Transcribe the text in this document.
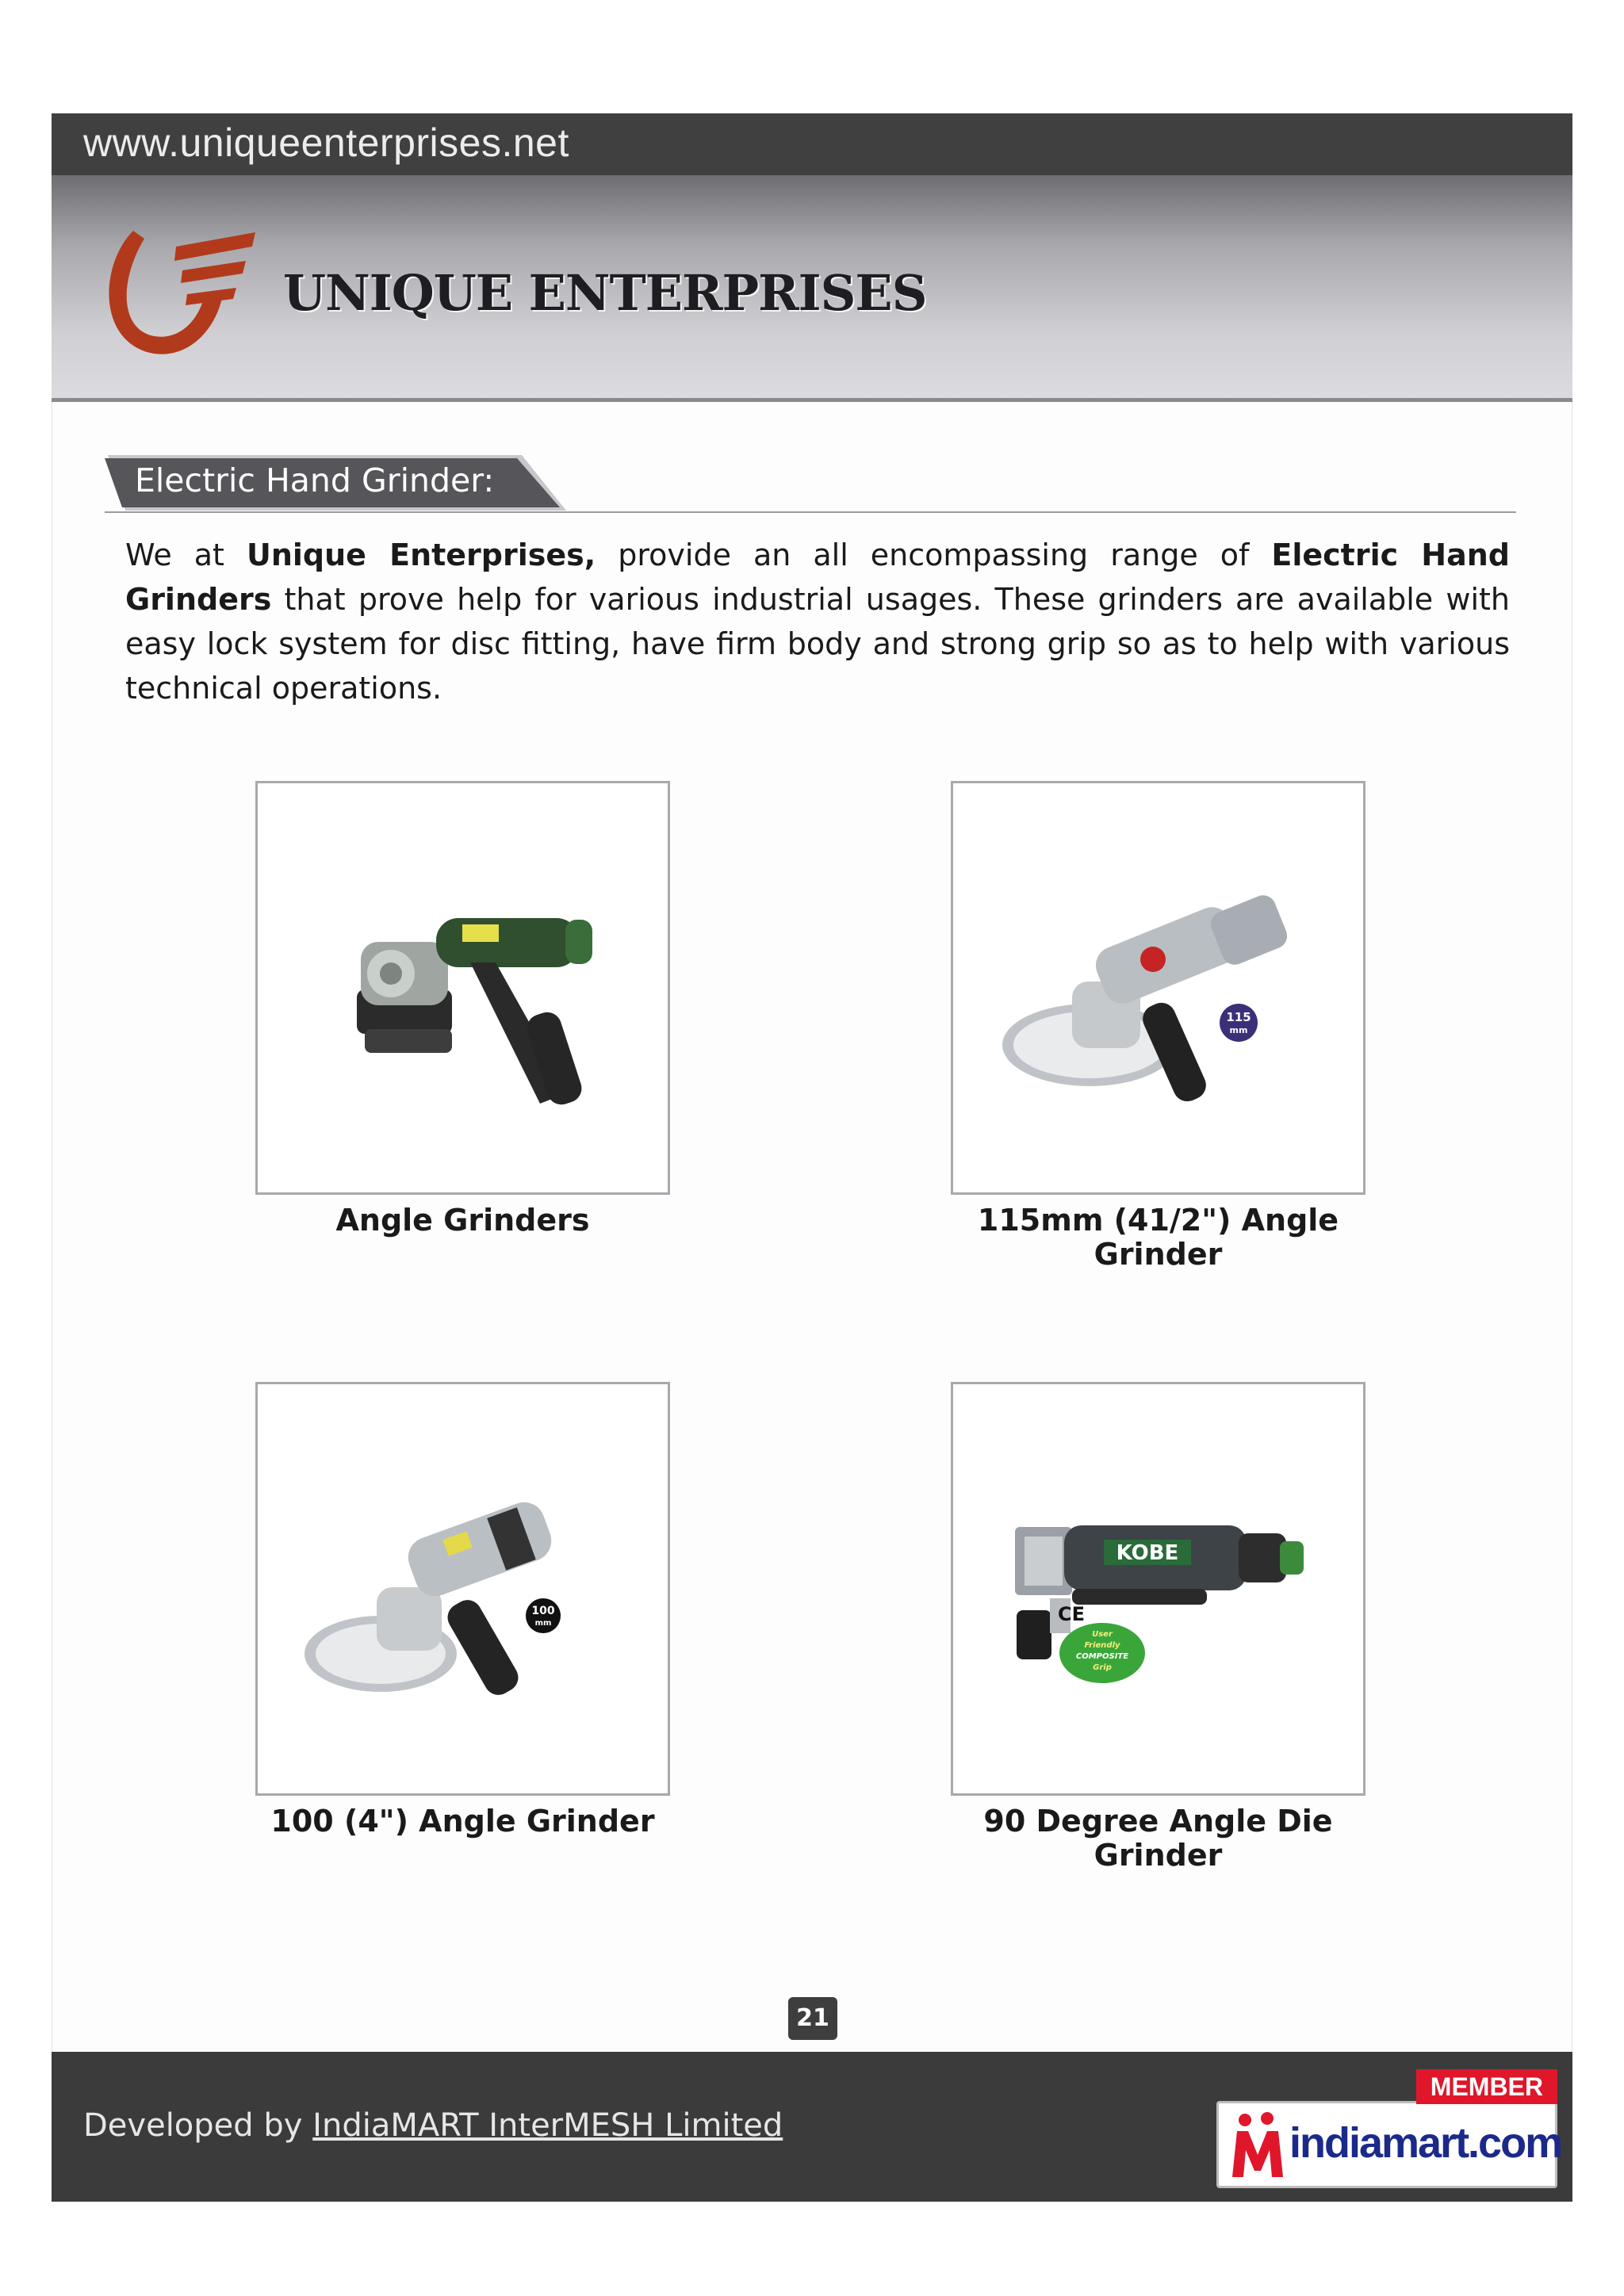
www.uniqueenterprises.net
UNIQUE ENTERPRISES
Electric Hand Grinder:

We at Unique Enterprises, provide an all encompassing range of Electric Hand Grinders that prove help for various industrial usages. These grinders are available with easy lock system for disc fitting, have firm body and strong grip so as to help with various technical operations.

Angle Grinders
115
mm
115mm (41/2") Angle Grinder
100
mm
100 (4") Angle Grinder
KOBE
CE
User
Friendly
COMPOSITE
Grip
90 Degree Angle Die Grinder
21
Developed by IndiaMART InterMESH Limited
MEMBER
indiamart.com
